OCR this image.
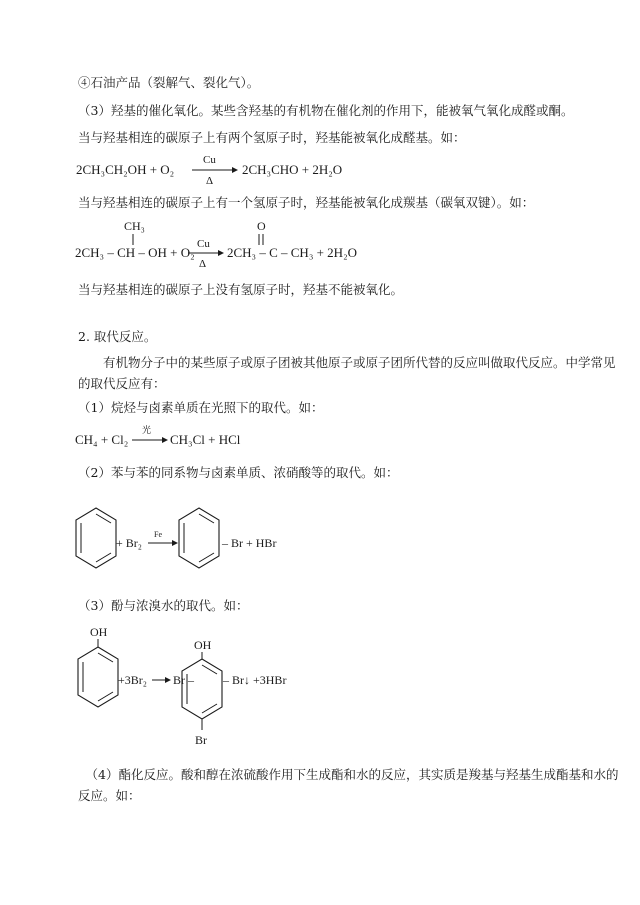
④石油产品（裂解气、裂化气）。
（3）羟基的催化氧化。某些含羟基的有机物在催化剂的作用下，能被氧气氧化成醛或酮。
当与羟基相连的碳原子上有两个氢原子时，羟基能被氧化成醛基。如：
2CH₃CH₂OH + O₂
Cu
Δ
2CH₃CHO + 2H₂O
当与羟基相连的碳原子上有一个氢原子时，羟基能被氧化成羰基（碳氧双键）。如：
CH₃
2CH₃ – CH – OH + O₂
Cu
Δ
O
2CH₃ – C – CH₃ + 2H₂O
当与羟基相连的碳原子上没有氢原子时，羟基不能被氧化。
2. 取代反应。
有机物分子中的某些原子或原子团被其他原子或原子团所代替的反应叫做取代反应。中学常见的取代反应有：
（1）烷烃与卤素单质在光照下的取代。如：
CH₄ + Cl₂
光
CH₃Cl + HCl
（2）苯与苯的同系物与卤素单质、浓硝酸等的取代。如：
+ Br₂
Fe
– Br + HBr
（3）酚与浓溴水的取代。如：
OH
+3Br₂ Br –
OH
– Br↓ +3HBr
Br
（4）酯化反应。酸和醇在浓硫酸作用下生成酯和水的反应，其实质是羧基与羟基生成酯基和水的反应。如：
